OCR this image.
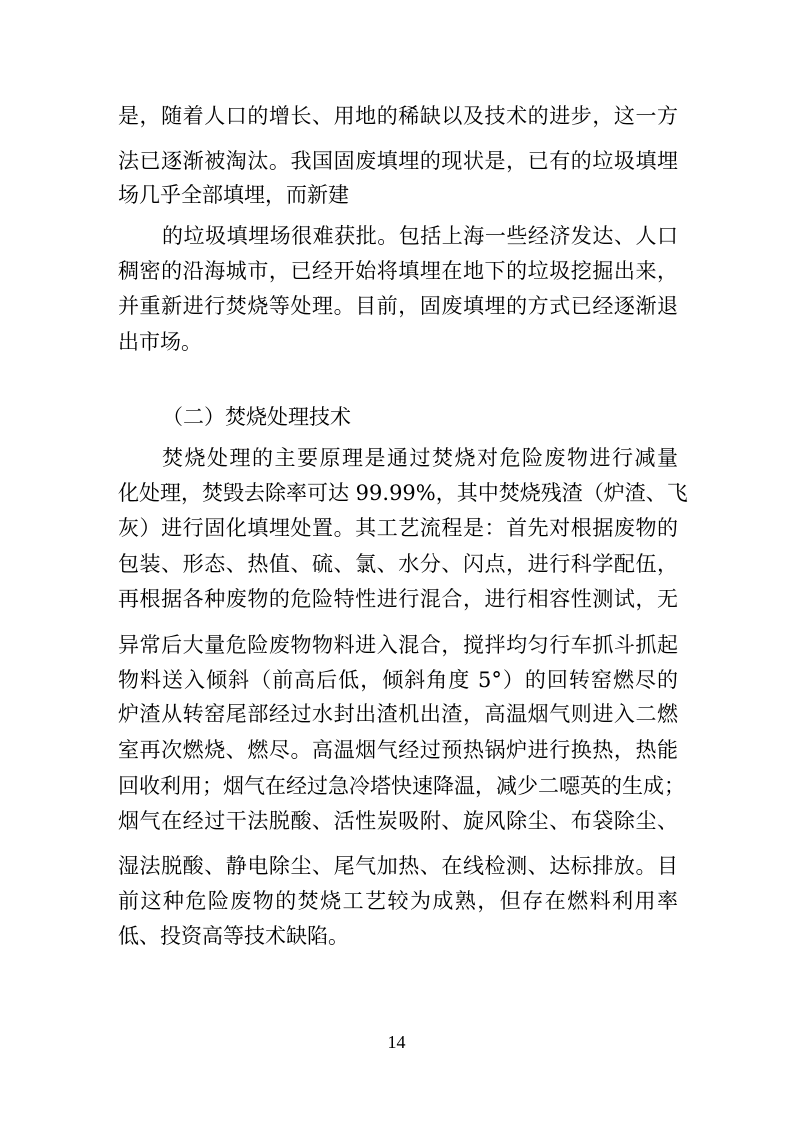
是，随着人口的增长、用地的稀缺以及技术的进步，这一方
法已逐渐被淘汰。我国固废填埋的现状是，已有的垃圾填埋
场几乎全部填埋，而新建
的垃圾填埋场很难获批。包括上海一些经济发达、人口
稠密的沿海城市，已经开始将填埋在地下的垃圾挖掘出来，
并重新进行焚烧等处理。目前，固废填埋的方式已经逐渐退
出市场。
（二）焚烧处理技术
焚烧处理的主要原理是通过焚烧对危险废物进行减量
化处理，焚毁去除率可达 99.99%，其中焚烧残渣（炉渣、飞
灰）进行固化填埋处置。其工艺流程是：首先对根据废物的
包装、形态、热值、硫、氯、水分、闪点，进行科学配伍，
再根据各种废物的危险特性进行混合，进行相容性测试，无
异常后大量危险废物物料进入混合，搅拌均匀行车抓斗抓起
物料送入倾斜（前高后低，倾斜角度 5°）的回转窑燃尽的
炉渣从转窑尾部经过水封出渣机出渣，高温烟气则进入二燃
室再次燃烧、燃尽。高温烟气经过预热锅炉进行换热，热能
回收利用；烟气在经过急冷塔快速降温，减少二噁英的生成；
烟气在经过干法脱酸、活性炭吸附、旋风除尘、布袋除尘、
湿法脱酸、静电除尘、尾气加热、在线检测、达标排放。目
前这种危险废物的焚烧工艺较为成熟，但存在燃料利用率
低、投资高等技术缺陷。
14
